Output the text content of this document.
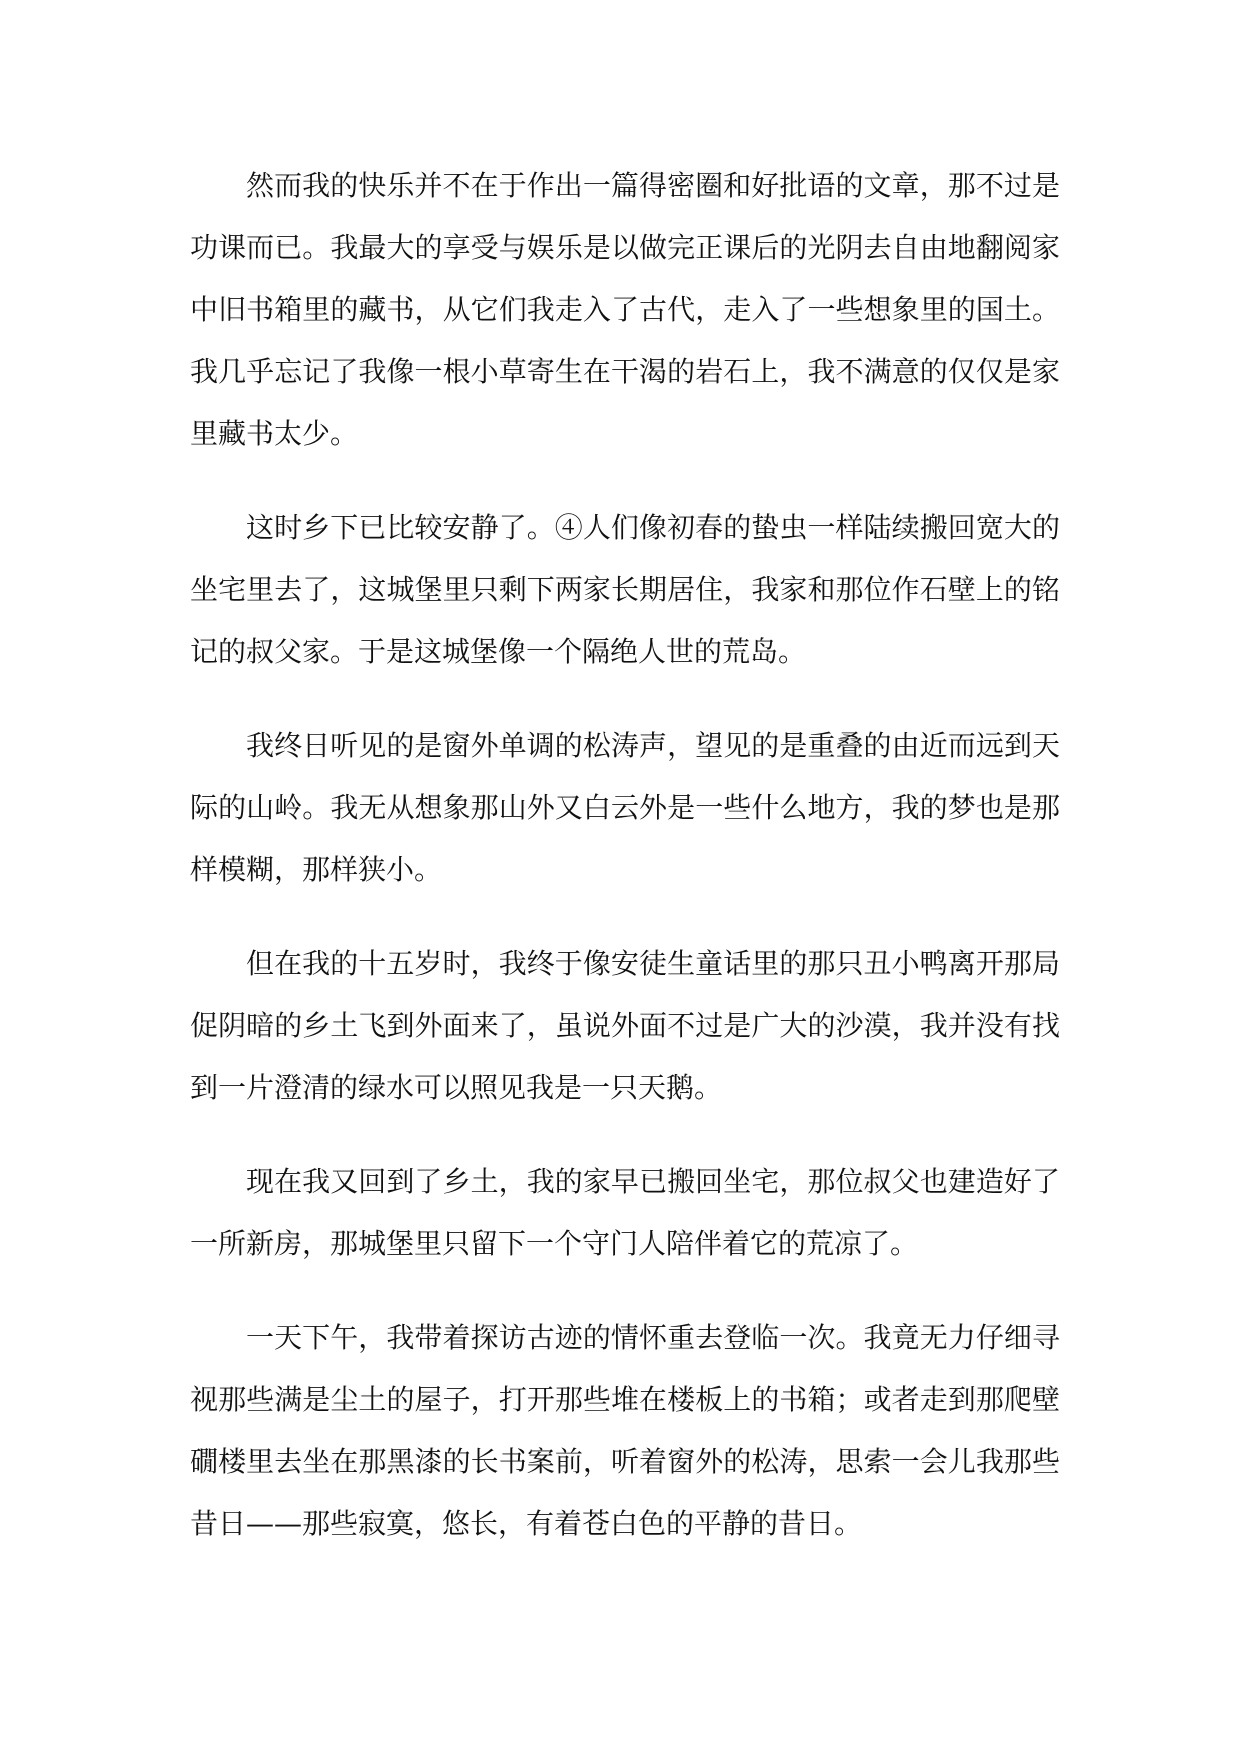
然而我的快乐并不在于作出一篇得密圈和好批语的文章，那不过是功课而已。我最大的享受与娱乐是以做完正课后的光阴去自由地翻阅家中旧书箱里的藏书，从它们我走入了古代，走入了一些想象里的国土。我几乎忘记了我像一根小草寄生在干渴的岩石上，我不满意的仅仅是家里藏书太少。

这时乡下已比较安静了。④人们像初春的蛰虫一样陆续搬回宽大的坐宅里去了，这城堡里只剩下两家长期居住，我家和那位作石壁上的铭记的叔父家。于是这城堡像一个隔绝人世的荒岛。

我终日听见的是窗外单调的松涛声，望见的是重叠的由近而远到天际的山岭。我无从想象那山外又白云外是一些什么地方，我的梦也是那样模糊，那样狭小。

但在我的十五岁时，我终于像安徒生童话里的那只丑小鸭离开那局促阴暗的乡土飞到外面来了，虽说外面不过是广大的沙漠，我并没有找到一片澄清的绿水可以照见我是一只天鹅。

现在我又回到了乡土，我的家早已搬回坐宅，那位叔父也建造好了一所新房，那城堡里只留下一个守门人陪伴着它的荒凉了。

一天下午，我带着探访古迹的情怀重去登临一次。我竟无力仔细寻视那些满是尘土的屋子，打开那些堆在楼板上的书箱；或者走到那爬壁礀楼里去坐在那黑漆的长书案前，听着窗外的松涛，思索一会儿我那些昔日——那些寂寞，悠长，有着苍白色的平静的昔日。
